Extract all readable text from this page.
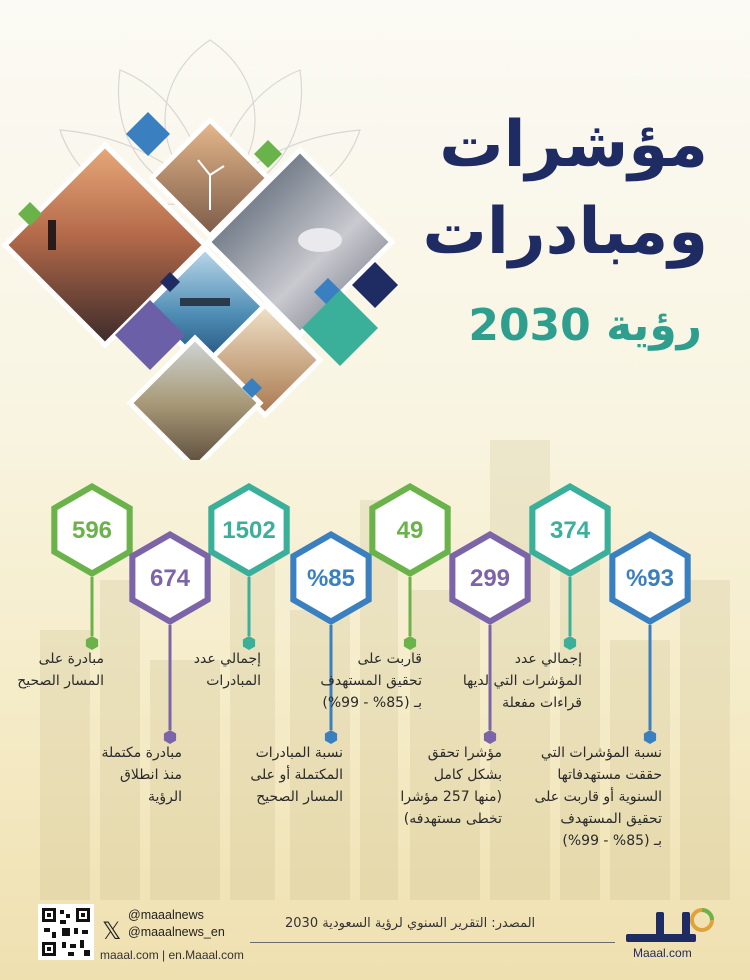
مؤشرات
ومبادرات
رؤية 2030
596
674
1502
%85
49
299
374
%93
مبادرة على
المسار الصحيح
مبادرة مكتملة
منذ انطلاق
الرؤية
إجمالي عدد
المبادرات
نسبة المبادرات
المكتملة أو على
المسار الصحيح
قاربت على
تحقيق المستهدف
بـ (85% - 99%)
مؤشرا تحقق
بشكل كامل
(منها 257 مؤشرا
تخطى مستهدفه)
إجمالي عدد
المؤشرات التي لديها
قراءات مفعلة
نسبة المؤشرات التي
حققت مستهدفاتها
السنوية أو قاربت على
تحقيق المستهدف
بـ (85% - 99%)
𝕏
@maaalnews
@maaalnews_en
maaal.com | en.Maaal.com
المصدر: التقرير السنوي لرؤية السعودية 2030
Maaal.com
